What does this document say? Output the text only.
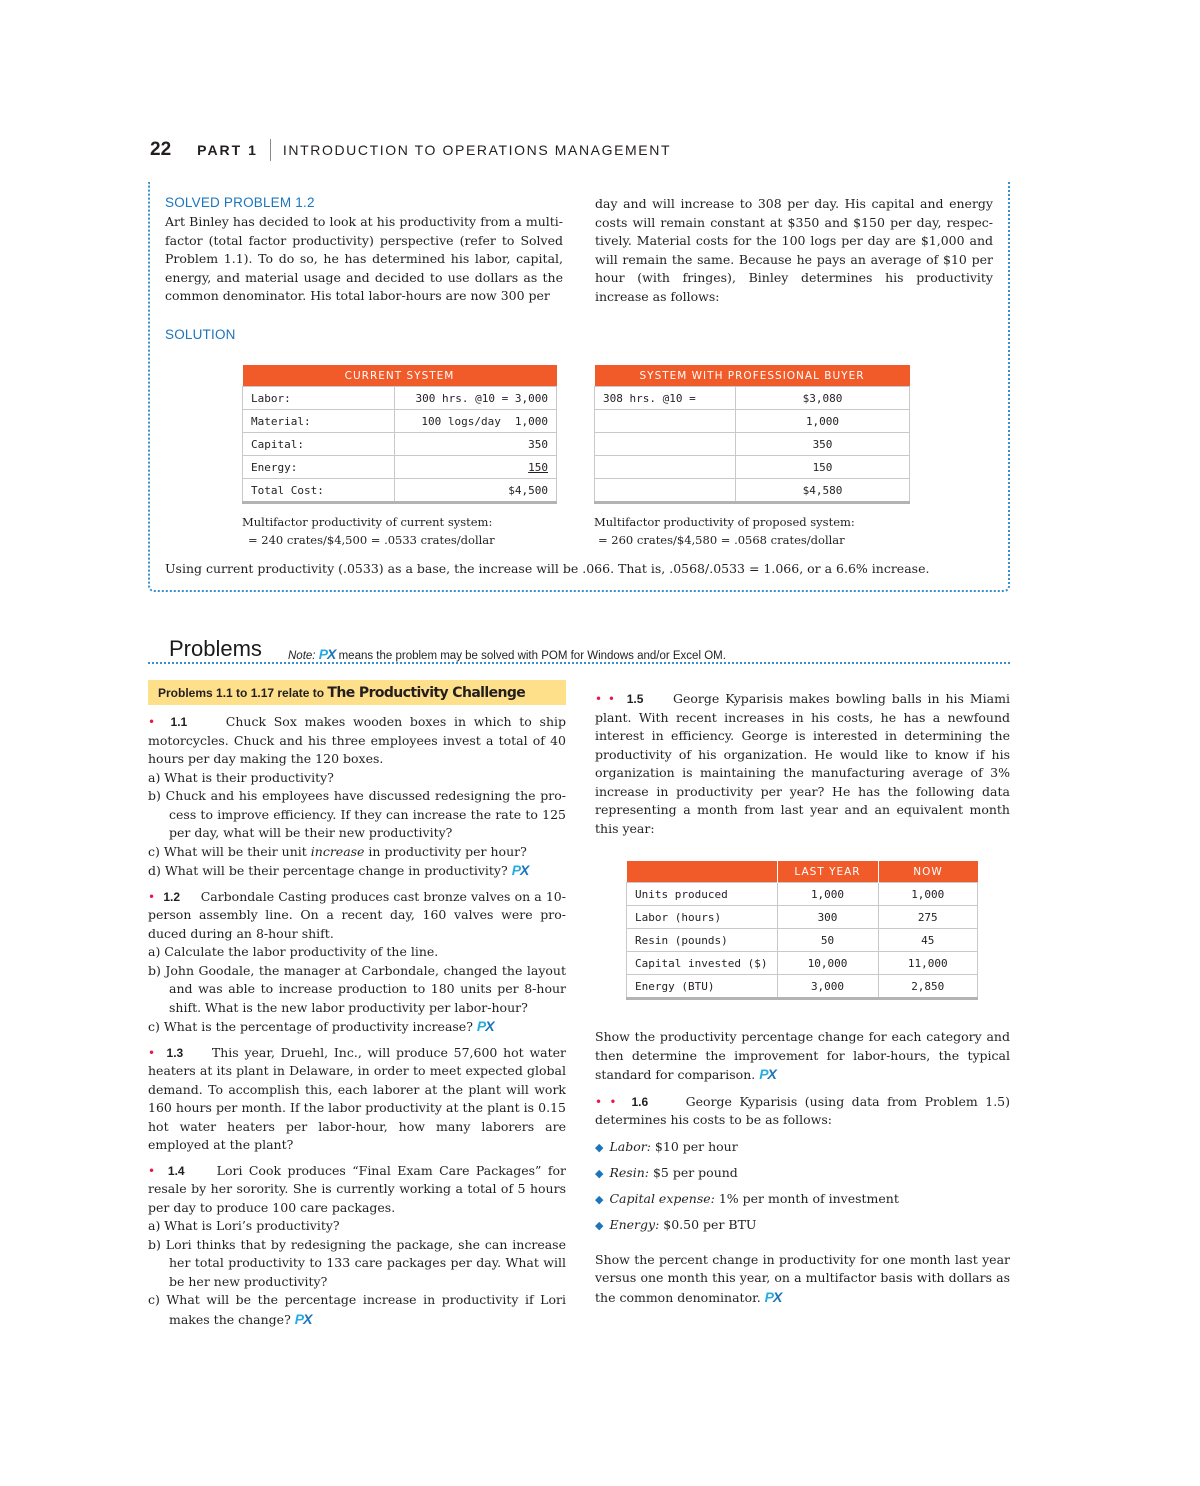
22 PART 1 INTRODUCTION TO OPERATIONS MANAGEMENT
SOLVED PROBLEM 1.2
Art Binley has decided to look at his productivity from a multi-factor (total factor productivity) perspective (refer to Solved Problem 1.1). To do so, he has determined his labor, capital, energy, and material usage and decided to use dollars as the common denominator. His total labor-hours are now 300 per
day and will increase to 308 per day. His capital and energy costs will remain constant at $350 and $150 per day, respec-tively. Material costs for the 100 logs per day are $1,000 and will remain the same. Because he pays an average of $10 per hour (with fringes), Binley determines his productivity increase as follows:
SOLUTION
CURRENT SYSTEM	
Labor:	300 hrs. @10 = 3,000
Material:	100 logs/day 1,000
Capital:	350
Energy:	150
Total Cost:	$4,500
SYSTEM WITH PROFESSIONAL BUYER	
308 hrs. @10 =	$3,080
	1,000
	350
	150
	$4,580
Multifactor productivity of current system:
= 240 crates/$4,500 = .0533 crates/dollar
Multifactor productivity of proposed system:
= 260 crates/$4,580 = .0568 crates/dollar
Using current productivity (.0533) as a base, the increase will be .066. That is, .0568/.0533 = 1.066, or a 6.6% increase.
Problems Note: PX means the problem may be solved with POM for Windows and/or Excel OM.
Problems 1.1 to 1.17 relate to The Productivity Challenge
• 1.1	Chuck Sox makes wooden boxes in which to ship motorcycles. Chuck and his three employees invest a total of 40 hours per day making the 120 boxes.
a) What is their productivity?
b) Chuck and his employees have discussed redesigning the pro-cess to improve efficiency. If they can increase the rate to 125 per day, what will be their new productivity?
c) What will be their unit increase in productivity per hour?
d) What will be their percentage change in productivity? PX
• 1.2 Carbondale Casting produces cast bronze valves on a 10-person assembly line. On a recent day, 160 valves were pro-duced during an 8-hour shift.
a) Calculate the labor productivity of the line.
b) John Goodale, the manager at Carbondale, changed the layout and was able to increase production to 180 units per 8-hour shift. What is the new labor productivity per labor-hour?
c) What is the percentage of productivity increase? PX
• 1.3 This year, Druehl, Inc., will produce 57,600 hot water heaters at its plant in Delaware, in order to meet expected global demand. To accomplish this, each laborer at the plant will work 160 hours per month. If the labor productivity at the plant is 0.15 hot water heaters per labor-hour, how many laborers are employed at the plant?
• 1.4	Lori Cook produces “Final Exam Care Packages” for resale by her sorority. She is currently working a total of 5 hours per day to produce 100 care packages.
a) What is Lori’s productivity?
b) Lori thinks that by redesigning the package, she can increase her total productivity to 133 care packages per day. What will be her new productivity?
c) What will be the percentage increase in productivity if Lori makes the change? PX
• • 1.5 George Kyparisis makes bowling balls in his Miami plant. With recent increases in his costs, he has a newfound interest in efficiency. George is interested in determining the productivity of his organization. He would like to know if his organization is maintaining the manufacturing average of 3% increase in productivity per year? He has the following data representing a month from last year and an equivalent month this year:
	LAST YEAR	NOW
Units produced	1,000	1,000
Labor (hours)	300	275
Resin (pounds)	50	45
Capital invested ($)	10,000	11,000
Energy (BTU)	3,000	2,850
Show the productivity percentage change for each category and then determine the improvement for labor-hours, the typical standard for comparison. PX
• • 1.6	George Kyparisis (using data from Problem 1.5) determines his costs to be as follows:
◆ Labor: $10 per hour
◆ Resin: $5 per pound
◆ Capital expense: 1% per month of investment
◆ Energy: $0.50 per BTU
Show the percent change in productivity for one month last year versus one month this year, on a multifactor basis with dollars as the common denominator. PX
